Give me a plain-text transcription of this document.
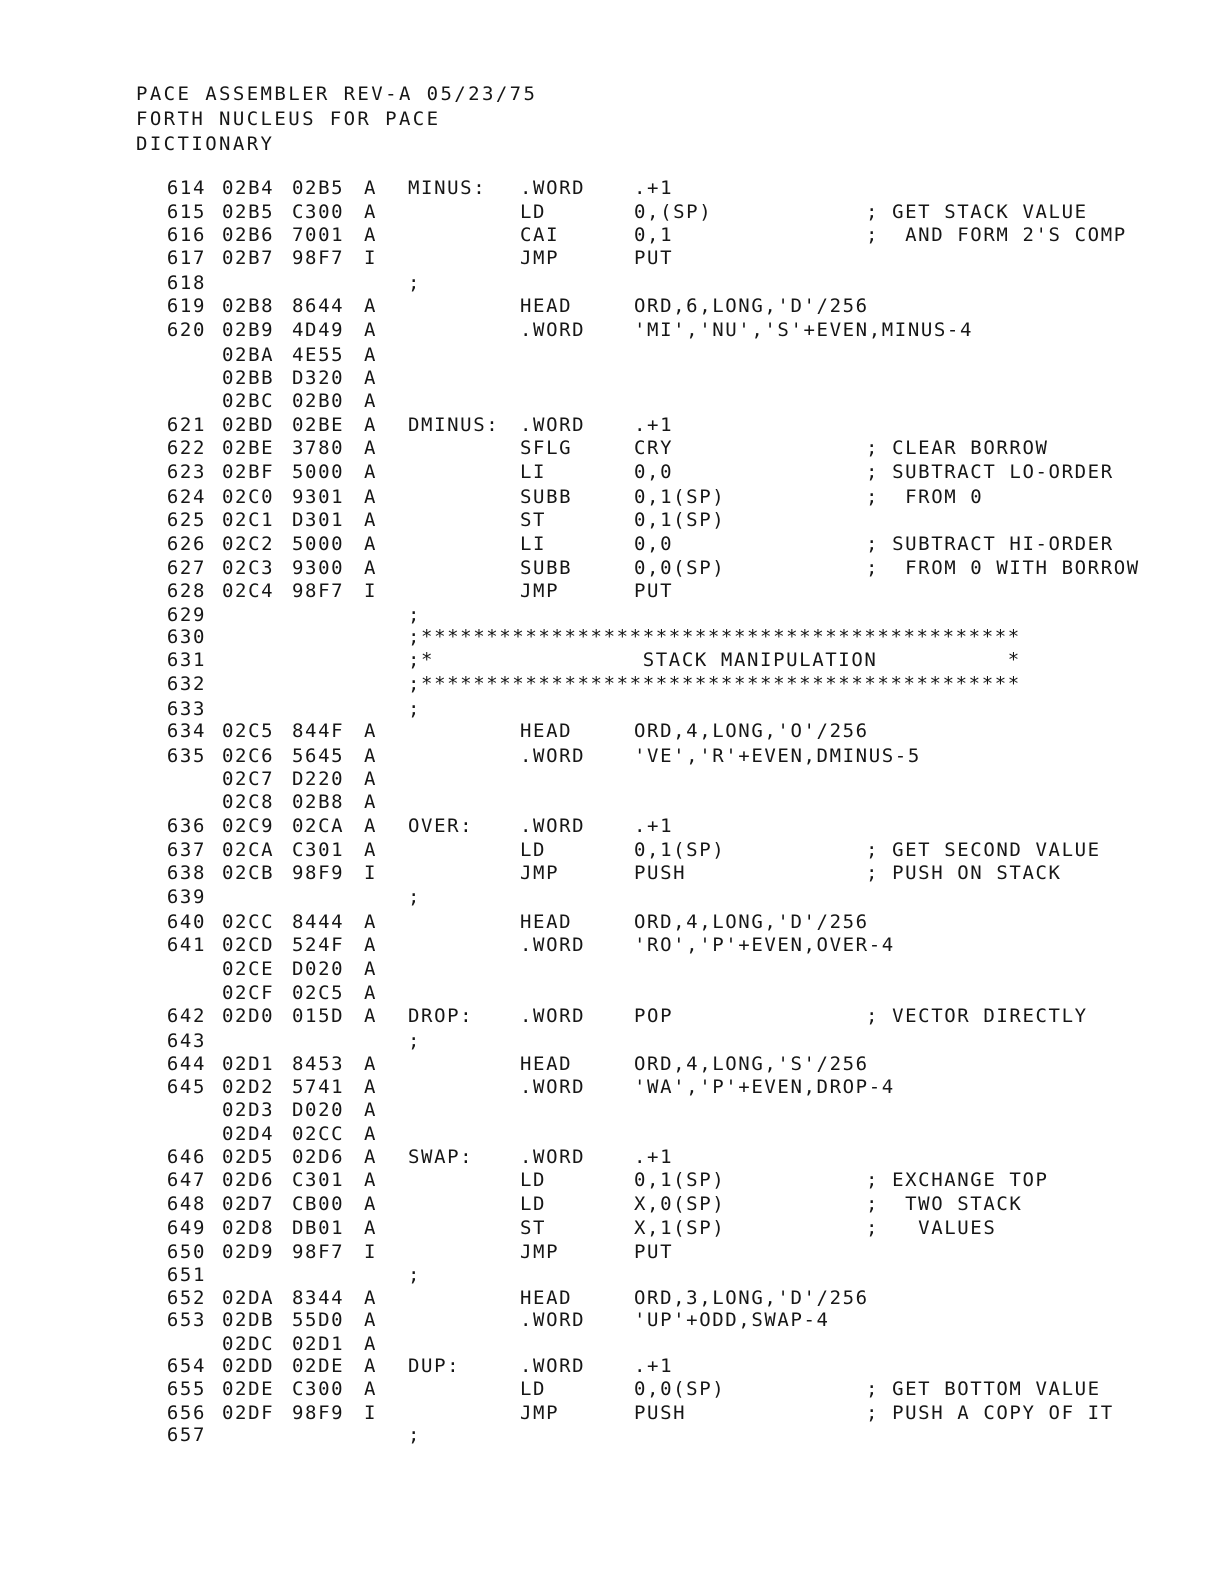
PACE ASSEMBLER REV-A 05/23/75
FORTH NUCLEUS FOR PACE
DICTIONARY
614 02B4 02B5 A MINUS: .WORD	.+1
615 02B5 C300 A	LD	0,(SP)	; GET STACK VALUE
616 02B6 7001 A	CAI	0,1	;  AND FORM 2'S COMP
617 02B7 98F7 I	JMP	PUT
618	;
619 02B8 8644 A	HEAD	ORD,6,LONG,'D'/256
620 02B9 4D49 A	.WORD	'MI','NU','S'+EVEN,MINUS-4
02BA 4E55 A
02BB D320 A
02BC 02B0 A
621 02BD 02BE A DMINUS: .WORD	.+1
622 02BE 3780 A	SFLG	CRY	; CLEAR BORROW
623 02BF 5000 A	LI	0,0	; SUBTRACT LO-ORDER
624 02C0 9301 A	SUBB	0,1(SP)	;  FROM 0
625 02C1 D301 A	ST	0,1(SP)
626 02C2 5000 A	LI	0,0	; SUBTRACT HI-ORDER
627 02C3 9300 A	SUBB	0,0(SP)	;  FROM 0 WITH BORROW
628 02C4 98F7 I	JMP	PUT
629	;
630	;**********************************************
631	;*                STACK MANIPULATION          *
632	;**********************************************
633	;
634 02C5 844F A	HEAD	ORD,4,LONG,'O'/256
635 02C6 5645 A	.WORD	'VE','R'+EVEN,DMINUS-5
02C7 D220 A
02C8 02B8 A
636 02C9 02CA A OVER: .WORD	.+1
637 02CA C301 A	LD	0,1(SP)	; GET SECOND VALUE
638 02CB 98F9 I	JMP	PUSH	; PUSH ON STACK
639	;
640 02CC 8444 A	HEAD	ORD,4,LONG,'D'/256
641 02CD 524F A	.WORD	'RO','P'+EVEN,OVER-4
02CE D020 A
02CF 02C5 A
642 02D0 015D A DROP: .WORD	POP	; VECTOR DIRECTLY
643	;
644 02D1 8453 A	HEAD	ORD,4,LONG,'S'/256
645 02D2 5741 A	.WORD	'WA','P'+EVEN,DROP-4
02D3 D020 A
02D4 02CC A
646 02D5 02D6 A SWAP: .WORD	.+1
647 02D6 C301 A	LD	0,1(SP)	; EXCHANGE TOP
648 02D7 CB00 A	LD	X,0(SP)	;  TWO STACK
649 02D8 DB01 A	ST	X,1(SP)	;   VALUES
650 02D9 98F7 I	JMP	PUT
651	;
652 02DA 8344 A	HEAD	ORD,3,LONG,'D'/256
653 02DB 55D0 A	.WORD	'UP'+ODD,SWAP-4
02DC 02D1 A
654 02DD 02DE A DUP:	.WORD	.+1
655 02DE C300 A	LD	0,0(SP)	; GET BOTTOM VALUE
656 02DF 98F9 I	JMP	PUSH	; PUSH A COPY OF IT
657	;
